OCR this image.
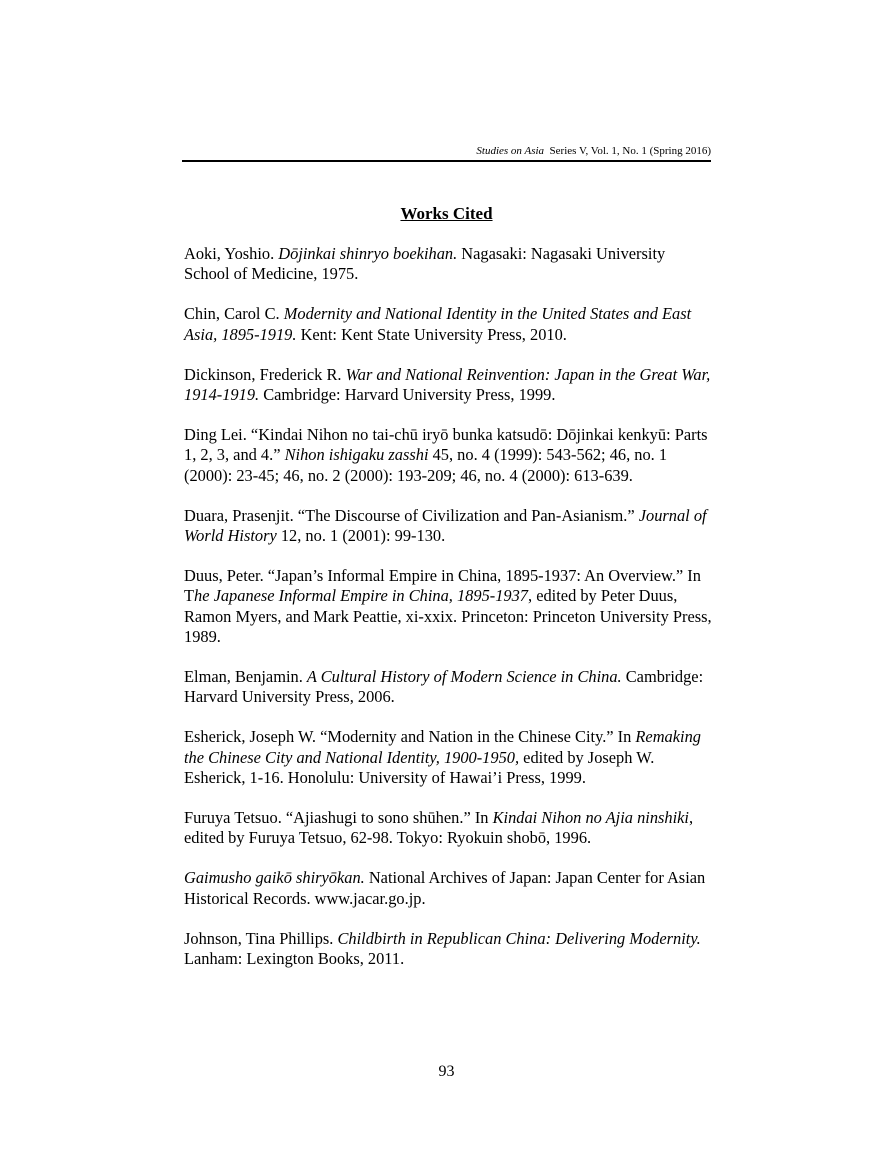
Studies on Asia Series V, Vol. 1, No. 1 (Spring 2016)
Works Cited
Aoki, Yoshio. Dōjinkai shinryo boekihan. Nagasaki: Nagasaki University School of Medicine, 1975.
Chin, Carol C. Modernity and National Identity in the United States and East Asia, 1895-1919. Kent: Kent State University Press, 2010.
Dickinson, Frederick R. War and National Reinvention: Japan in the Great War, 1914-1919. Cambridge: Harvard University Press, 1999.
Ding Lei. “Kindai Nihon no tai-chū iryō bunka katsudō: Dōjinkai kenkyū: Parts 1, 2, 3, and 4.” Nihon ishigaku zasshi 45, no. 4 (1999): 543-562; 46, no. 1 (2000): 23-45; 46, no. 2 (2000): 193-209; 46, no. 4 (2000): 613-639.
Duara, Prasenjit. “The Discourse of Civilization and Pan-Asianism.” Journal of World History 12, no. 1 (2001): 99-130.
Duus, Peter. “Japan’s Informal Empire in China, 1895-1937: An Overview.” In The Japanese Informal Empire in China, 1895-1937, edited by Peter Duus, Ramon Myers, and Mark Peattie, xi-xxix. Princeton: Princeton University Press, 1989.
Elman, Benjamin. A Cultural History of Modern Science in China. Cambridge: Harvard University Press, 2006.
Esherick, Joseph W. “Modernity and Nation in the Chinese City.” In Remaking the Chinese City and National Identity, 1900-1950, edited by Joseph W. Esherick, 1-16. Honolulu: University of Hawai’i Press, 1999.
Furuya Tetsuo. “Ajiashugi to sono shūhen.” In Kindai Nihon no Ajia ninshiki, edited by Furuya Tetsuo, 62-98. Tokyo: Ryokuin shobō, 1996.
Gaimusho gaikō shiryōkan. National Archives of Japan: Japan Center for Asian Historical Records. www.jacar.go.jp.
Johnson, Tina Phillips. Childbirth in Republican China: Delivering Modernity. Lanham: Lexington Books, 2011.
93
